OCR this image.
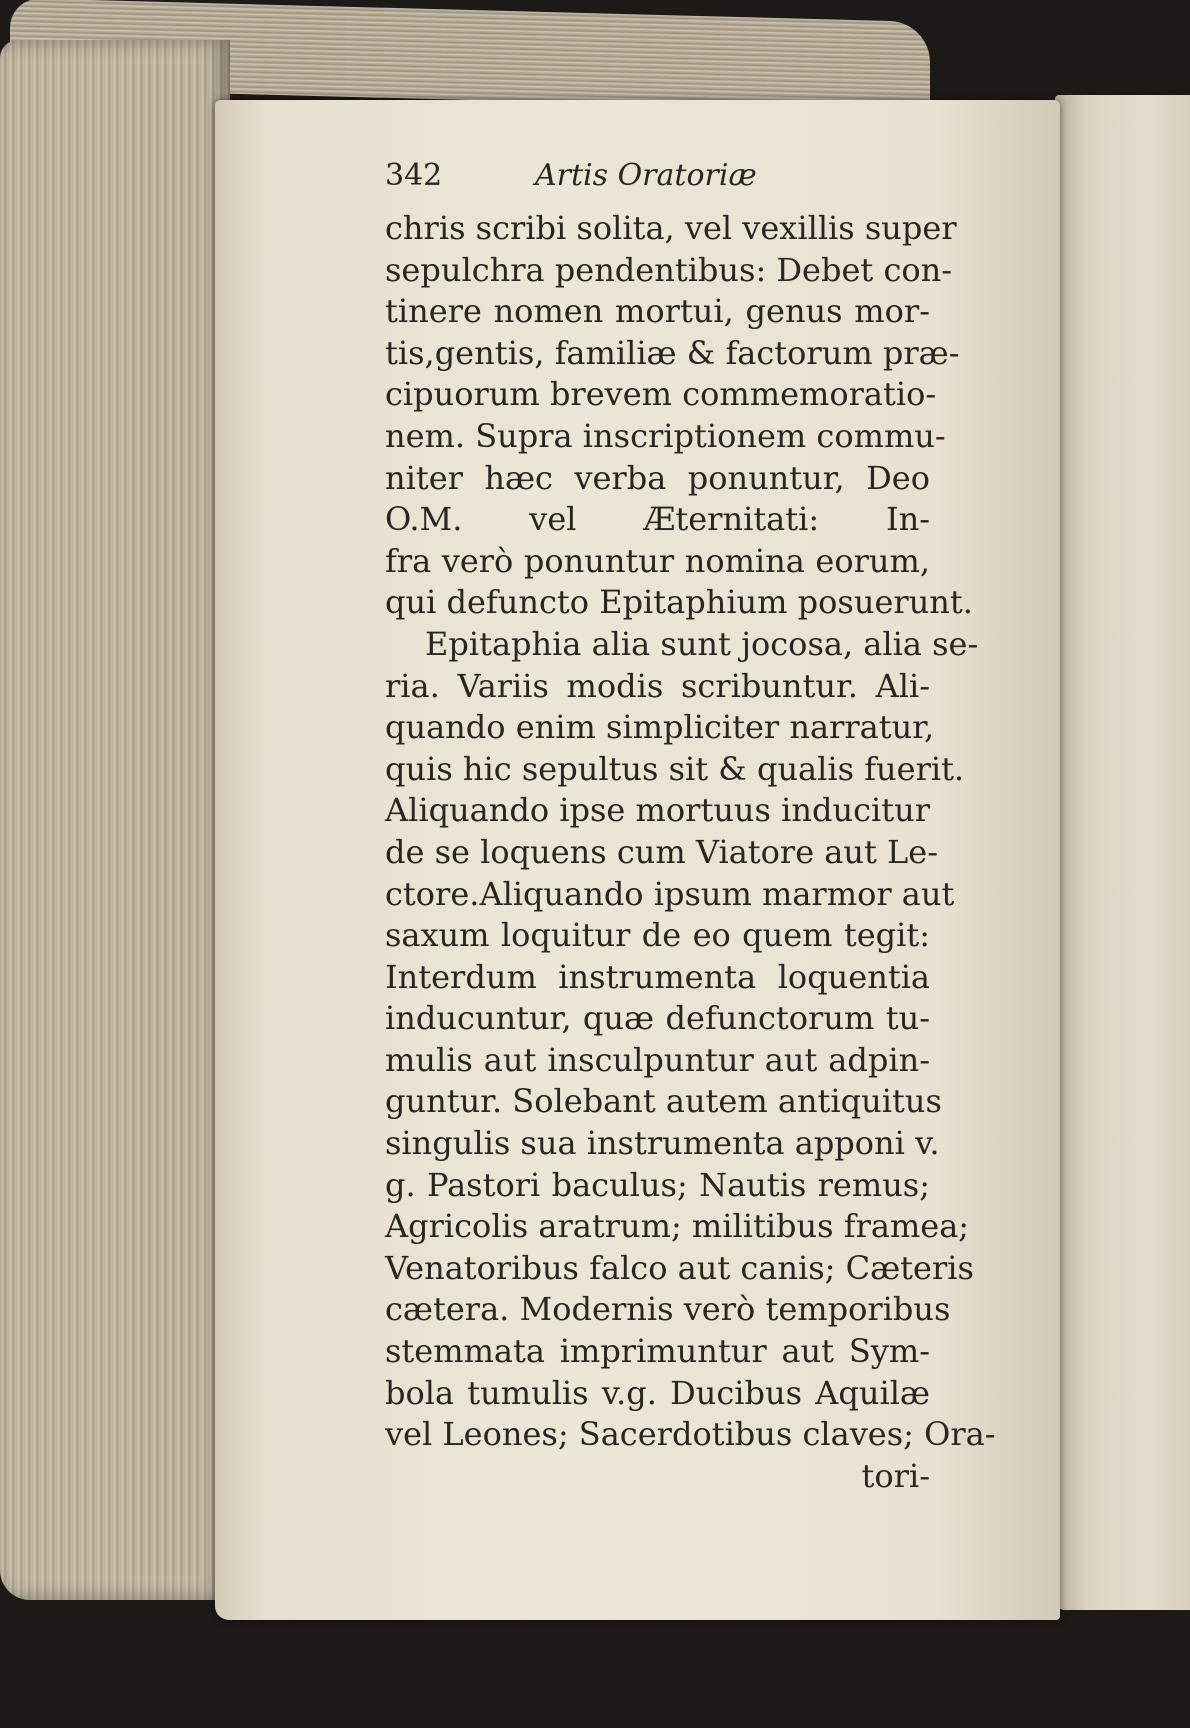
342	Artis Oratoriæ
chris scribi solita, vel vexillis super
sepulchra pendentibus: Debet con-
tinere nomen mortui, genus mor-
tis,gentis, familiæ & factorum præ-
cipuorum brevem commemoratio-
nem. Supra inscriptionem commu-
niter hæc verba ponuntur, Deo
O.M. vel Æternitati: In-
fra verò ponuntur nomina eorum,
qui defuncto Epitaphium posuerunt.
Epitaphia alia sunt jocosa, alia se-
ria. Variis modis scribuntur. Ali-
quando enim simpliciter narratur,
quis hic sepultus sit & qualis fuerit.
Aliquando ipse mortuus inducitur
de se loquens cum Viatore aut Le-
ctore.Aliquando ipsum marmor aut
saxum loquitur de eo quem tegit:
Interdum instrumenta loquentia
inducuntur, quæ defunctorum tu-
mulis aut insculpuntur aut adpin-
guntur. Solebant autem antiquitus
singulis sua instrumenta apponi v.
g. Pastori baculus; Nautis remus;
Agricolis aratrum; militibus framea;
Venatoribus falco aut canis; Cæteris
cætera. Modernis verò temporibus
stemmata imprimuntur aut Sym-
bola tumulis v.g. Ducibus Aquilæ
vel Leones; Sacerdotibus claves; Ora-
tori-
